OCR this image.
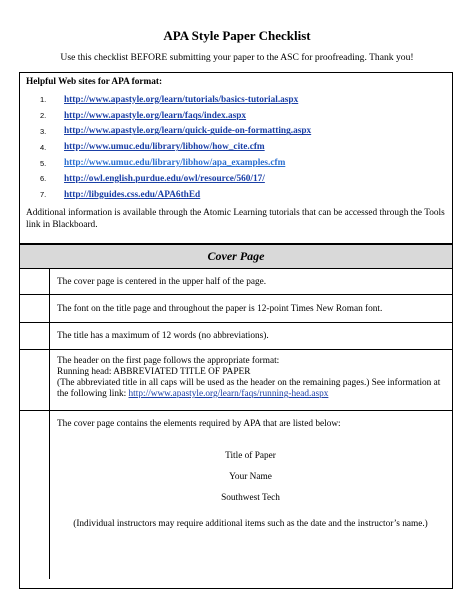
APA Style Paper Checklist
Use this checklist BEFORE submitting your paper to the ASC for proofreading. Thank you!
Helpful Web sites for APA format:
1.	http://www.apastyle.org/learn/tutorials/basics-tutorial.aspx
2.	http://www.apastyle.org/learn/faqs/index.aspx
3.	http://www.apastyle.org/learn/quick-guide-on-formatting.aspx
4.	http://www.umuc.edu/library/libhow/how_cite.cfm
5.	http://www.umuc.edu/library/libhow/apa_examples.cfm
6.	http://owl.english.purdue.edu/owl/resource/560/17/
7.	http://libguides.css.edu/APA6thEd
Additional information is available through the Atomic Learning tutorials that can be accessed through the Tools link in Blackboard.
Cover Page
The cover page is centered in the upper half of the page.
The font on the title page and throughout the paper is 12-point Times New Roman font.
The title has a maximum of 12 words (no abbreviations).
The header on the first page follows the appropriate format:
Running head: ABBREVIATED TITLE OF PAPER
(The abbreviated title in all caps will be used as the header on the remaining pages.) See information at the following link: http://www.apastyle.org/learn/faqs/running-head.aspx
The cover page contains the elements required by APA that are listed below:
Title of Paper
Your Name
Southwest Tech
(Individual instructors may require additional items such as the date and the instructor’s name.)
